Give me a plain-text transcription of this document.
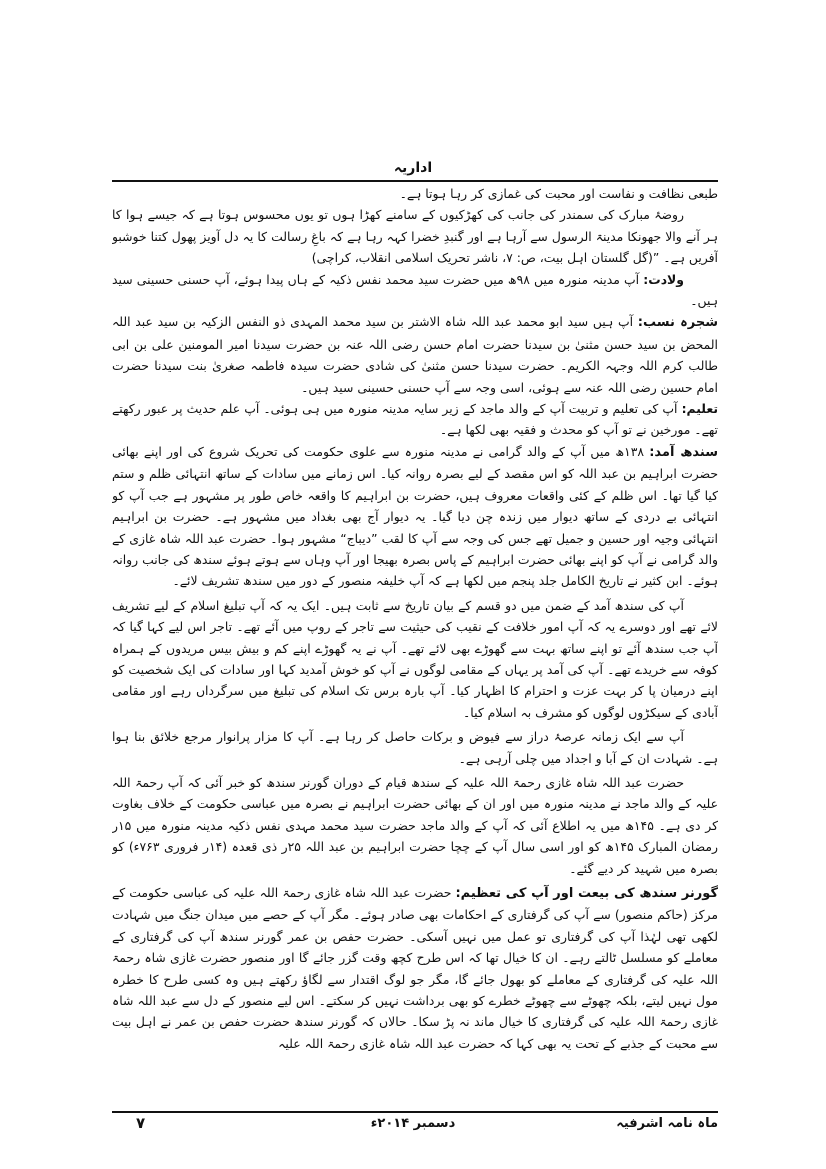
اداریہ

طبعی نظافت و نفاست اور محبت کی غمازی کر رہا ہوتا ہے۔

روضۂ مبارک کی سمندر کی جانب کی کھڑکیوں کے سامنے کھڑا ہوں تو یوں محسوس ہوتا ہے کہ جیسے ہوا کا ہر آنے والا جھونکا مدینۃ الرسول سے آرہا ہے اور گنبدِ خضرا کہہ رہا ہے کہ باغِ رسالت کا یہ دل آویز پھول کتنا خوشبو آفریں ہے۔ ”(گل گلستان اہل بیت، ص: ۷، ناشر تحریک اسلامی انقلاب، کراچی)

ولادت: آپ مدینہ منورہ میں ۹۸ھ میں حضرت سید محمد نفس ذکیہ کے ہاں پیدا ہوئے، آپ حسنی حسینی سید ہیں۔

شجرہ نسب: آپ ہیں سید ابو محمد عبد اللہ شاہ الاشتر بن سید محمد المہدی ذو النفس الزکیہ بن سید عبد اللہ المحض بن سید حسن مثنیٰ بن سیدنا حضرت امام حسن رضی اللہ عنہ بن حضرت سیدنا امیر المومنین علی بن ابی طالب کرم اللہ وجہہ الکریم۔ حضرت سیدنا حسن مثنیٰ کی شادی حضرت سیدہ فاطمہ صغریٰ بنت سیدنا حضرت امام حسین رضی اللہ عنہ سے ہوئی، اسی وجہ سے آپ حسنی حسینی سید ہیں۔

تعلیم: آپ کی تعلیم و تربیت آپ کے والد ماجد کے زیر سایہ مدینہ منورہ میں ہی ہوئی۔ آپ علم حدیث پر عبور رکھتے تھے۔ مورخین نے تو آپ کو محدث و فقیہ بھی لکھا ہے۔

سندھ آمد: ۱۳۸ھ میں آپ کے والد گرامی نے مدینہ منورہ سے علوی حکومت کی تحریک شروع کی اور اپنے بھائی حضرت ابراہیم بن عبد اللہ کو اس مقصد کے لیے بصرہ روانہ کیا۔ اس زمانے میں سادات کے ساتھ انتہائی ظلم و ستم کیا گیا تھا۔ اس ظلم کے کئی واقعات معروف ہیں، حضرت بن ابراہیم کا واقعہ خاص طور پر مشہور ہے جب آپ کو انتہائی بے دردی کے ساتھ دیوار میں زندہ چن دیا گیا۔ یہ دیوار آج بھی بغداد میں مشہور ہے۔ حضرت بن ابراہیم انتہائی وجیہ اور حسین و جمیل تھے جس کی وجہ سے آپ کا لقب ”دیباج“ مشہور ہوا۔ حضرت عبد اللہ شاہ غازی کے والد گرامی نے آپ کو اپنے بھائی حضرت ابراہیم کے پاس بصرہ بھیجا اور آپ وہاں سے ہوتے ہوئے سندھ کی جانب روانہ ہوئے۔ ابن کثیر نے تاریخ الکامل جلد پنجم میں لکھا ہے کہ آپ خلیفہ منصور کے دور میں سندھ تشریف لائے۔

آپ کی سندھ آمد کے ضمن میں دو قسم کے بیان تاریخ سے ثابت ہیں۔ ایک یہ کہ آپ تبلیغ اسلام کے لیے تشریف لائے تھے اور دوسرے یہ کہ آپ امور خلافت کے نقیب کی حیثیت سے تاجر کے روپ میں آئے تھے۔ تاجر اس لیے کہا گیا کہ آپ جب سندھ آئے تو اپنے ساتھ بہت سے گھوڑے بھی لائے تھے۔ آپ نے یہ گھوڑے اپنے کم و بیش بیس مریدوں کے ہمراہ کوفہ سے خریدے تھے۔ آپ کی آمد پر یہاں کے مقامی لوگوں نے آپ کو خوش آمدید کہا اور سادات کی ایک شخصیت کو اپنے درمیان پا کر بہت عزت و احترام کا اظہار کیا۔ آپ بارہ برس تک اسلام کی تبلیغ میں سرگرداں رہے اور مقامی آبادی کے سیکڑوں لوگوں کو مشرف بہ اسلام کیا۔

آپ سے ایک زمانہ عرصۂ دراز سے فیوض و برکات حاصل کر رہا ہے۔ آپ کا مزار پرانوار مرجع خلائق بنا ہوا ہے۔ شہادت ان کے آبا و اجداد میں چلی آرہی ہے۔

حضرت عبد اللہ شاہ غازی رحمۃ اللہ علیہ کے سندھ قیام کے دوران گورنر سندھ کو خبر آئی کہ آپ رحمۃ اللہ علیہ کے والد ماجد نے مدینہ منورہ میں اور ان کے بھائی حضرت ابراہیم نے بصرہ میں عباسی حکومت کے خلاف بغاوت کر دی ہے۔ ۱۴۵ھ میں یہ اطلاع آئی کہ آپ کے والد ماجد حضرت سید محمد مہدی نفس ذکیہ مدینہ منورہ میں ۱۵ر رمضان المبارک ۱۴۵ھ کو اور اسی سال آپ کے چچا حضرت ابراہیم بن عبد اللہ ۲۵ر ذی قعدہ (۱۴ر فروری ۷۶۳ء) کو بصرہ میں شہید کر دیے گئے۔

گورنر سندھ کی بیعت اور آپ کی تعظیم: حضرت عبد اللہ شاہ غازی رحمۃ اللہ علیہ کی عباسی حکومت کے مرکز (حاکم منصور) سے آپ کی گرفتاری کے احکامات بھی صادر ہوئے۔ مگر آپ کے حصے میں میدان جنگ میں شہادت لکھی تھی لہٰذا آپ کی گرفتاری تو عمل میں نہیں آسکی۔ حضرت حفص بن عمر گورنر سندھ آپ کی گرفتاری کے معاملے کو مسلسل ٹالتے رہے۔ ان کا خیال تھا کہ اس طرح کچھ وقت گزر جائے گا اور منصور حضرت غازی شاہ رحمۃ اللہ علیہ کی گرفتاری کے معاملے کو بھول جائے گا، مگر جو لوگ اقتدار سے لگاؤ رکھتے ہیں وہ کسی طرح کا خطرہ مول نہیں لیتے، بلکہ چھوٹے سے چھوٹے خطرے کو بھی برداشت نہیں کر سکتے۔ اس لیے منصور کے دل سے عبد اللہ شاہ غازی رحمۃ اللہ علیہ کی گرفتاری کا خیال ماند نہ پڑ سکا۔ حالاں کہ گورنر سندھ حضرت حفص بن عمر نے اہل بیت سے محبت کے جذبے کے تحت یہ بھی کہا کہ حضرت عبد اللہ شاہ غازی رحمۃ اللہ علیہ

ماہ نامہ اشرفیہ
دسمبر ۲۰۱۴ء
۷
